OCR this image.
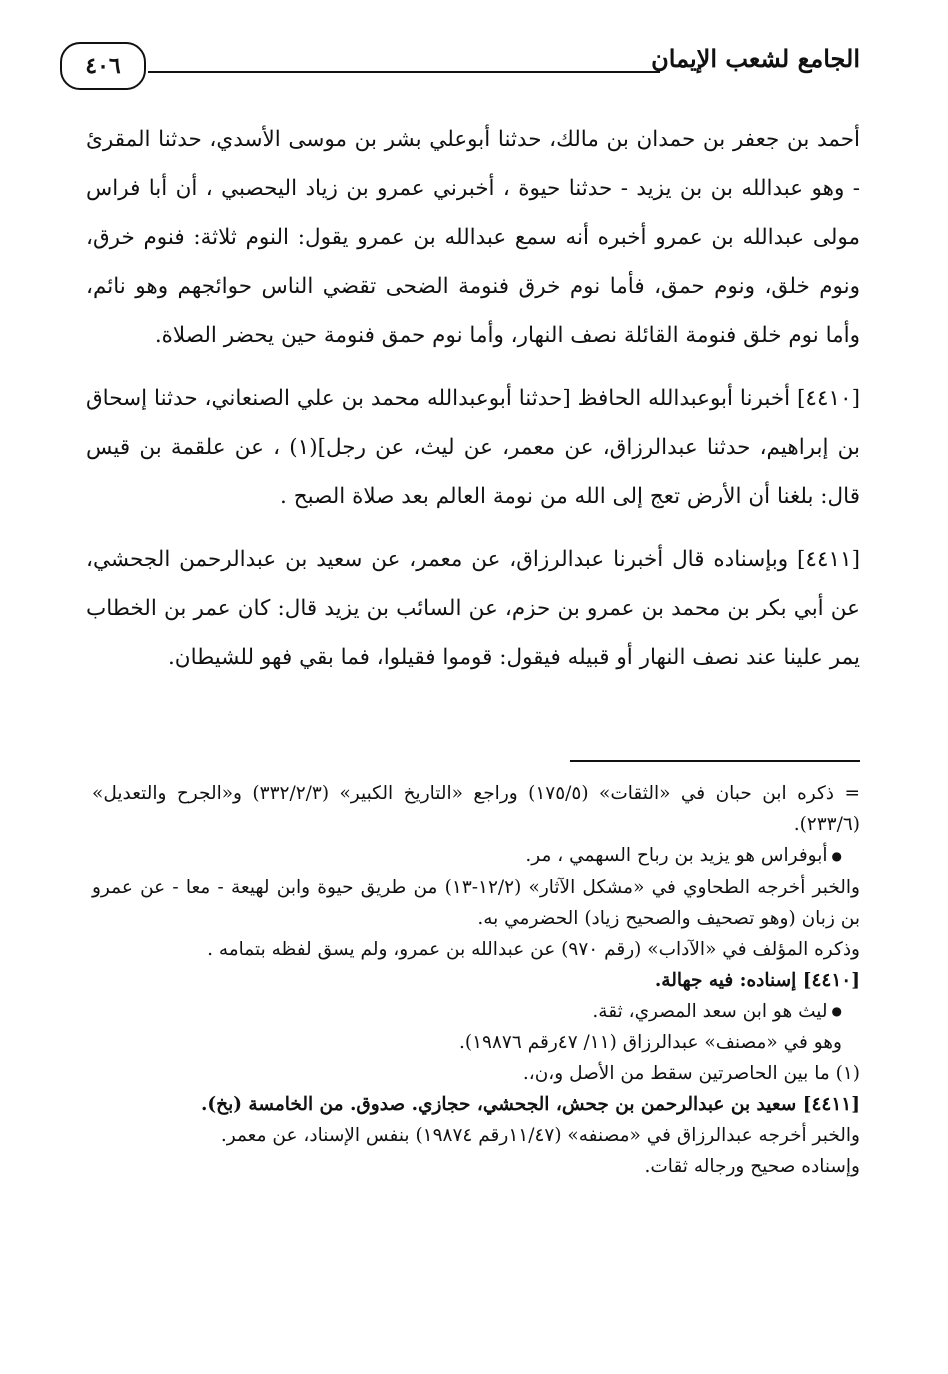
الجامع لشعب الإيمان
٤٠٦

أحمد بن جعفر بن حمدان بن مالك، حدثنا أبوعلي بشر بن موسى الأسدي، حدثنا المقرئ - وهو عبدالله بن بن يزيد - حدثنا حيوة ، أخبرني عمرو بن زياد اليحصبي ، أن أبا فراس مولى عبدالله بن عمرو أخبره أنه سمع عبدالله بن عمرو يقول: النوم ثلاثة: فنوم خرق، ونوم خلق، ونوم حمق، فأما نوم خرق فنومة الضحى تقضي الناس حوائجهم وهو نائم، وأما نوم خلق فنومة القائلة نصف النهار، وأما نوم حمق فنومة حين يحضر الصلاة.

[٤٤١٠] أخبرنا أبوعبدالله الحافظ [حدثنا أبوعبدالله محمد بن علي الصنعاني، حدثنا إسحاق بن إبراهيم، حدثنا عبدالرزاق، عن معمر، عن ليث، عن رجل](١) ، عن علقمة بن قيس قال: بلغنا أن الأرض تعج إلى الله من نومة العالم بعد صلاة الصبح .

[٤٤١١] وبإسناده قال أخبرنا عبدالرزاق، عن معمر، عن سعيد بن عبدالرحمن الجحشي، عن أبي بكر بن محمد بن عمرو بن حزم، عن السائب بن يزيد قال: كان عمر بن الخطاب يمر علينا عند نصف النهار أو قبيله فيقول: قوموا فقيلوا، فما بقي فهو للشيطان.

= ذكره ابن حبان في «الثقات» (١٧٥/٥) وراجع «التاريخ الكبير» (٣٣٢/٢/٣) و«الجرح والتعديل» (٢٣٣/٦).

●أبوفراس هو يزيد بن رباح السهمي ، مر.

والخبر أخرجه الطحاوي في «مشكل الآثار» (١٢/٢-١٣) من طريق حيوة وابن لهيعة - معا - عن عمرو بن زبان (وهو تصحيف والصحيح زياد) الحضرمي به.

وذكره المؤلف في «الآداب» (رقم ٩٧٠) عن عبدالله بن عمرو، ولم يسق لفظه بتمامه .

[٤٤١٠] إسناده: فيه جهالة.

●ليث هو ابن سعد المصري، ثقة.

وهو في «مصنف» عبدالرزاق (١١/ ٤٧رقم ١٩٨٧٦).

(١) ما بين الحاصرتين سقط من الأصل و،ن،.

[٤٤١١] سعيد بن عبدالرحمن بن جحش، الجحشي، حجازي. صدوق. من الخامسة (بخ).

والخبر أخرجه عبدالرزاق في «مصنفه» (١١/٤٧رقم ١٩٨٧٤) بنفس الإسناد، عن معمر.

وإسناده صحيح ورجاله ثقات.
